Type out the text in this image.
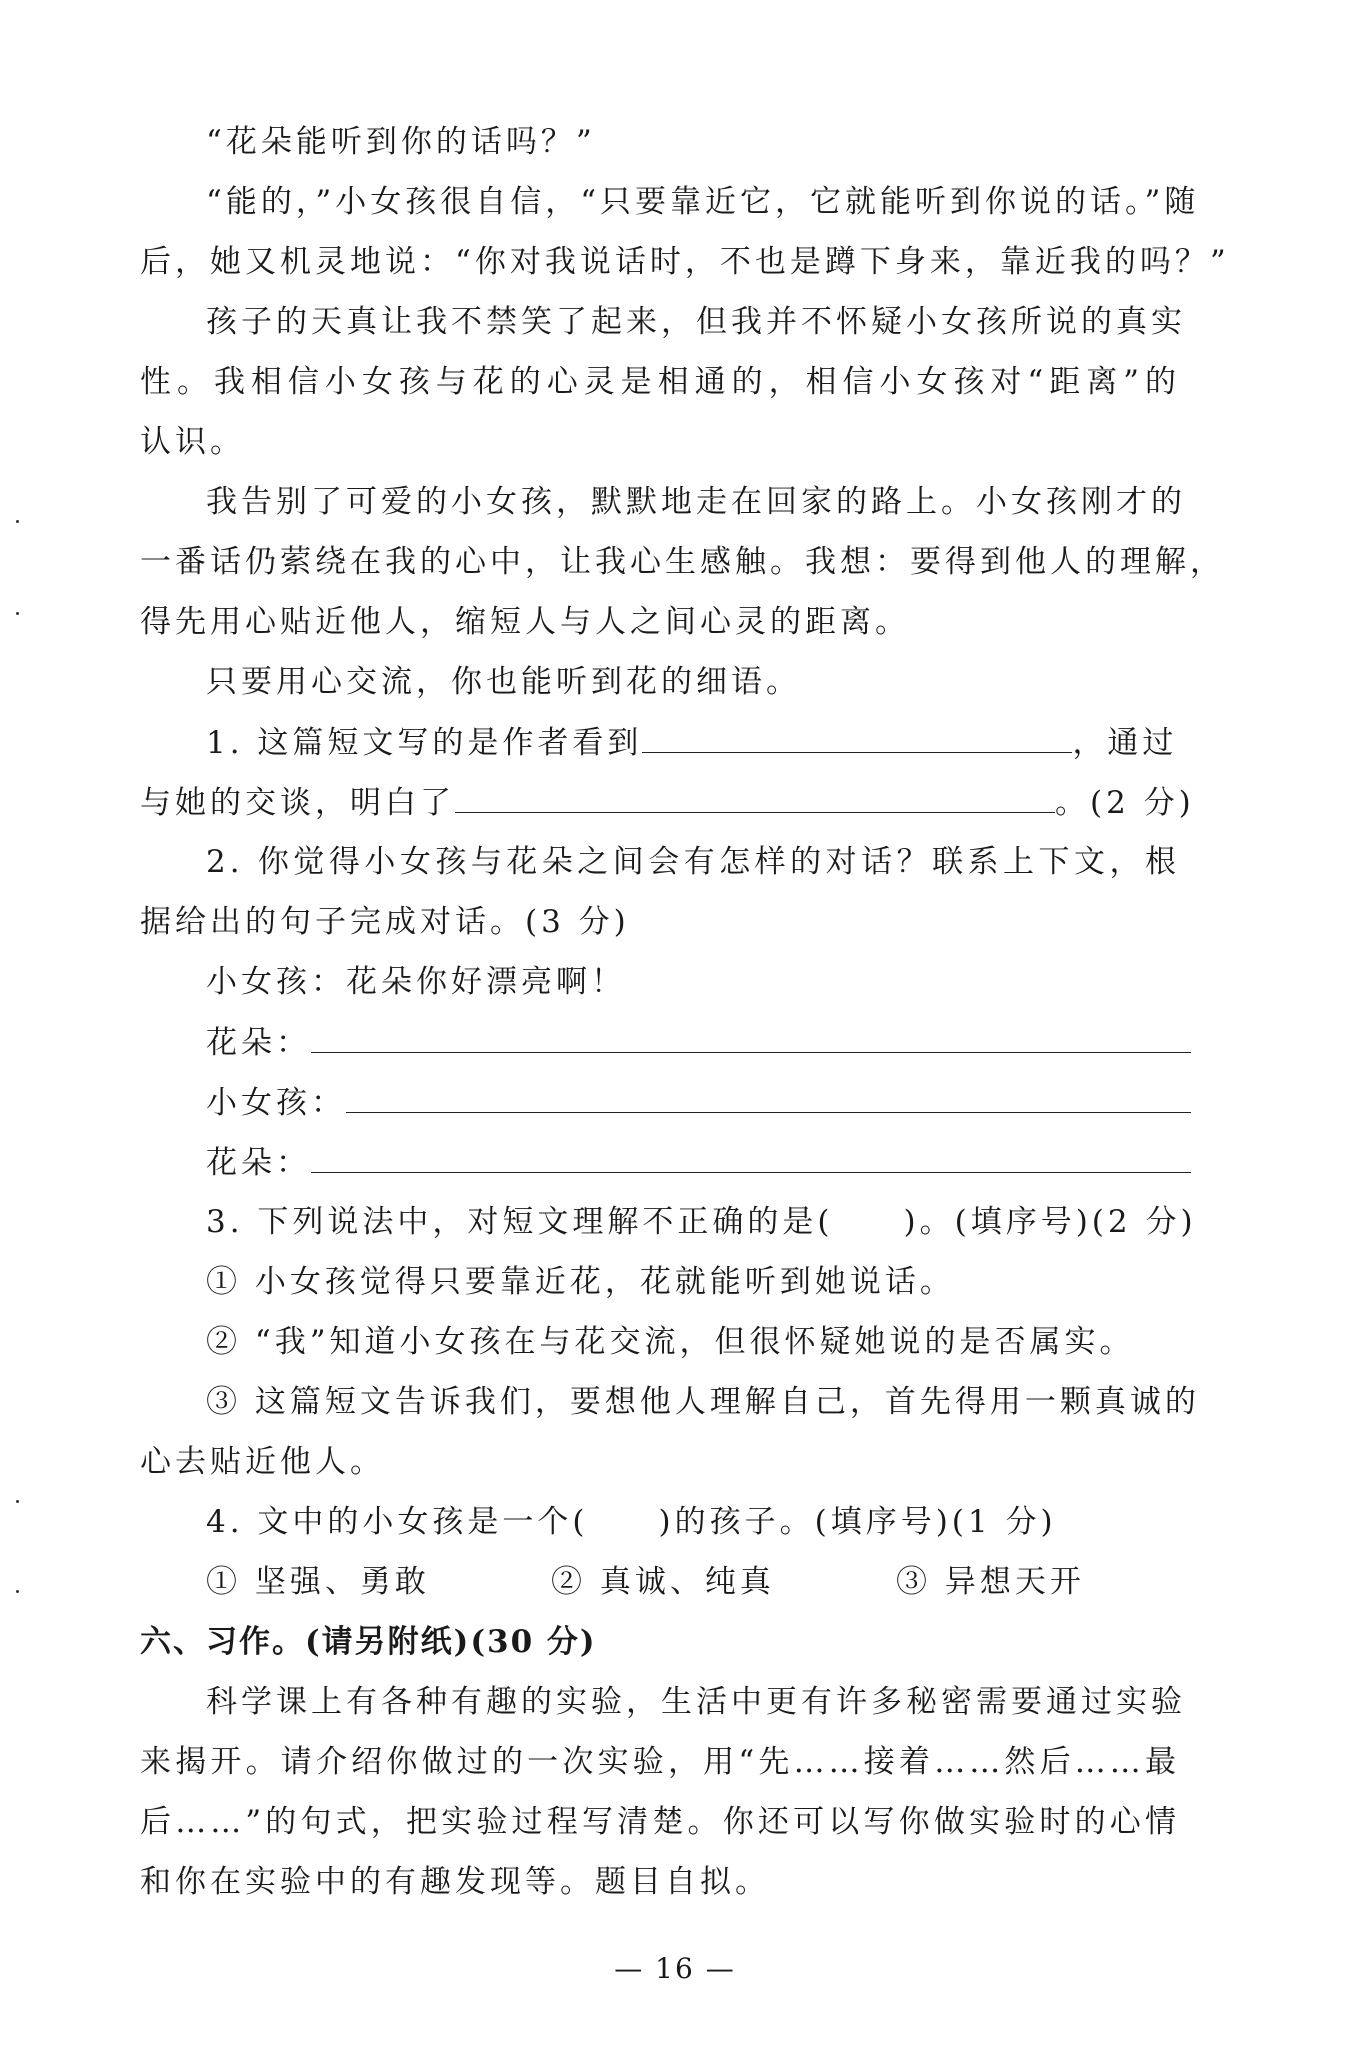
“花朵能听到你的话吗？”
“能的，”小女孩很自信，“只要靠近它，它就能听到你说的话。”随
后，她又机灵地说：“你对我说话时，不也是蹲下身来，靠近我的吗？”
孩子的天真让我不禁笑了起来，但我并不怀疑小女孩所说的真实
性。我相信小女孩与花的心灵是相通的，相信小女孩对“距离”的
认识。
我告别了可爱的小女孩，默默地走在回家的路上。小女孩刚才的
一番话仍萦绕在我的心中，让我心生感触。我想：要得到他人的理解，
得先用心贴近他人，缩短人与人之间心灵的距离。
只要用心交流，你也能听到花的细语。
1. 这篇短文写的是作者看到	，通过
与她的交谈，明白了	。(2 分)
2. 你觉得小女孩与花朵之间会有怎样的对话？联系上下文，根
据给出的句子完成对话。(3 分)
小女孩：花朵你好漂亮啊！
花朵：
小女孩：
花朵：
3. 下列说法中，对短文理解不正确的是(　　)。(填序号)(2 分)
① 小女孩觉得只要靠近花，花就能听到她说话。
② “我”知道小女孩在与花交流，但很怀疑她说的是否属实。
③ 这篇短文告诉我们，要想他人理解自己，首先得用一颗真诚的
心去贴近他人。
4. 文中的小女孩是一个(　　)的孩子。(填序号)(1 分)
① 坚强、勇敢	② 真诚、纯真	③ 异想天开
六、习作。(请另附纸)(30 分)
科学课上有各种有趣的实验，生活中更有许多秘密需要通过实验
来揭开。请介绍你做过的一次实验，用“先……接着……然后……最
后……”的句式，把实验过程写清楚。你还可以写你做实验时的心情
和你在实验中的有趣发现等。题目自拟。
— 16 —
